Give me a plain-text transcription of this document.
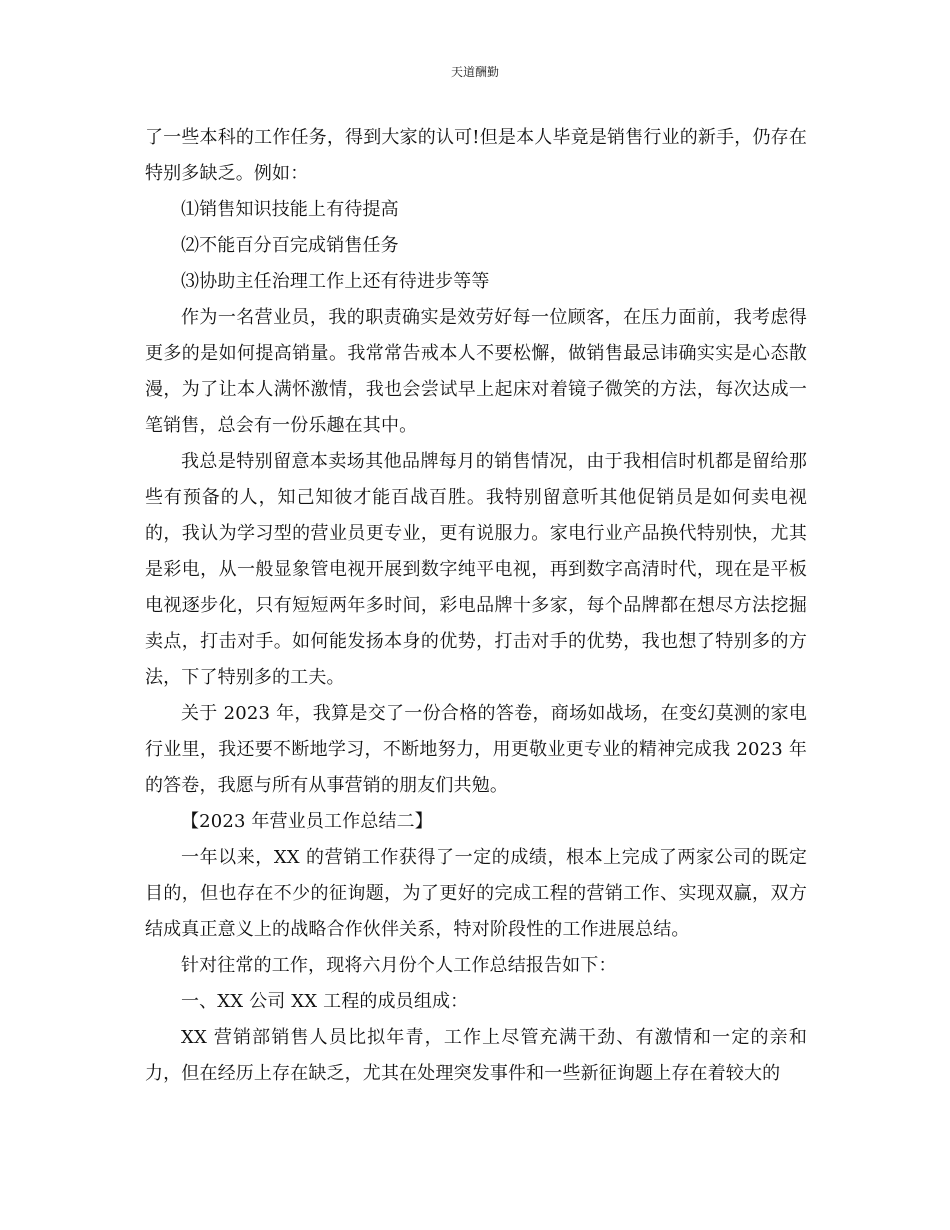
天道酬勤

了一些本科的工作任务，得到大家的认可!但是本人毕竟是销售行业的新手，仍存在特别多缺乏。例如：

⑴销售知识技能上有待提高

⑵不能百分百完成销售任务

⑶协助主任治理工作上还有待进步等等

作为一名营业员，我的职责确实是效劳好每一位顾客，在压力面前，我考虑得更多的是如何提高销量。我常常告戒本人不要松懈，做销售最忌讳确实实是心态散漫，为了让本人满怀激情，我也会尝试早上起床对着镜子微笑的方法，每次达成一笔销售，总会有一份乐趣在其中。

我总是特别留意本卖场其他品牌每月的销售情况，由于我相信时机都是留给那些有预备的人，知己知彼才能百战百胜。我特别留意听其他促销员是如何卖电视的，我认为学习型的营业员更专业，更有说服力。家电行业产品换代特别快，尤其是彩电，从一般显象管电视开展到数字纯平电视，再到数字高清时代，现在是平板电视逐步化，只有短短两年多时间，彩电品牌十多家，每个品牌都在想尽方法挖掘卖点，打击对手。如何能发扬本身的优势，打击对手的优势，我也想了特别多的方法，下了特别多的工夫。

关于 2023 年，我算是交了一份合格的答卷，商场如战场，在变幻莫测的家电行业里，我还要不断地学习，不断地努力，用更敬业更专业的精神完成我 2023 年的答卷，我愿与所有从事营销的朋友们共勉。

【2023 年营业员工作总结二】

一年以来，XX 的营销工作获得了一定的成绩，根本上完成了两家公司的既定目的，但也存在不少的征询题，为了更好的完成工程的营销工作、实现双赢，双方结成真正意义上的战略合作伙伴关系，特对阶段性的工作进展总结。

针对往常的工作，现将六月份个人工作总结报告如下：

一、XX 公司 XX 工程的成员组成：

XX 营销部销售人员比拟年青，工作上尽管充满干劲、有激情和一定的亲和力，但在经历上存在缺乏，尤其在处理突发事件和一些新征询题上存在着较大的
